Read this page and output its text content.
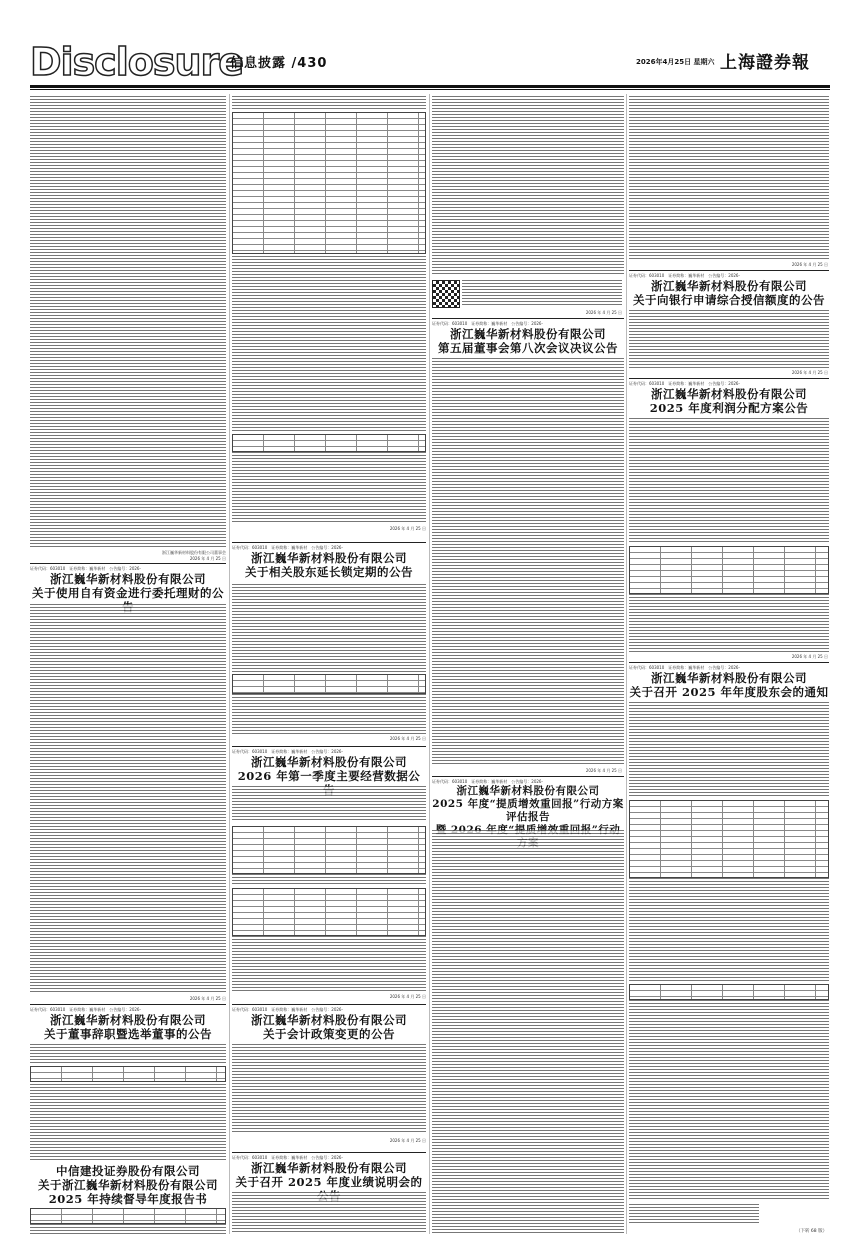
Disclosure
信息披露 /430	2026年4月25日 星期六 上海證券報
浙江巍华新材料股份有限公司董事会
2026 年 4 月 25 日
证券代码：603010　 证券简称：巍华新材　 公告编号：2026-
浙江巍华新材料股份有限公司
关于使用自有资金进行委托理财的公
2026 年 4 月 25 日
证券代码：603010　 证券简称：巍华新材　 公告编号：2026-
浙江巍华新材料股份有限公司
关于董事辞职暨选举董事的公告
中信建投证券股份有限公司
关于浙江巍华新材料股份有限公司
2025 年持续督导年度报告书
2026 年 4 月 25 日
证券代码：603010　 证券简称：巍华新材　 公告编号：2026-
浙江巍华新材料股份有限公司
关于相关股东延长锁定期的公告
2026 年 4 月 25 日
证券代码：603010　 证券简称：巍华新材　 公告编号：2026-
浙江巍华新材料股份有限公司
2026 年第一季度主要经营数据公
2026 年 4 月 25 日
证券代码：603010　 证券简称：巍华新材　 公告编号：2026-
浙江巍华新材料股份有限公司
关于会计政策变更的公告
2026 年 4 月 25 日
证券代码：603010　 证券简称：巍华新材　 公告编号：2026-
浙江巍华新材料股份有限公司
关于召开 2025 年度业绩说明会的
2026 年 4 月 25 日
证券代码：603010　 证券简称：巍华新材　 公告编号：2026-
浙江巍华新材料股份有限公司
第五届董事会第八次会议决议公告
2026 年 4 月 25 日
证券代码：603010　 证券简称：巍华新材　 公告编号：2026-
浙江巍华新材料股份有限公司
2025 年度“提质增效重回报”行动方案评估报告

2026 年 4 月 25 日
证券代码：603010　 证券简称：巍华新材　 公告编号：2026-
浙江巍华新材料股份有限公司
关于向银行申请综合授信额度的公告
2026 年 4 月 25 日
证券代码：603010　 证券简称：巍华新材　 公告编号：2026-
浙江巍华新材料股份有限公司
2025 年度利润分配方案公告
2026 年 4 月 25 日
证券代码：603010　 证券简称：巍华新材　 公告编号：2026-
浙江巍华新材料股份有限公司
关于召开 2025 年年度股东会的通知
（下转 68 版）
